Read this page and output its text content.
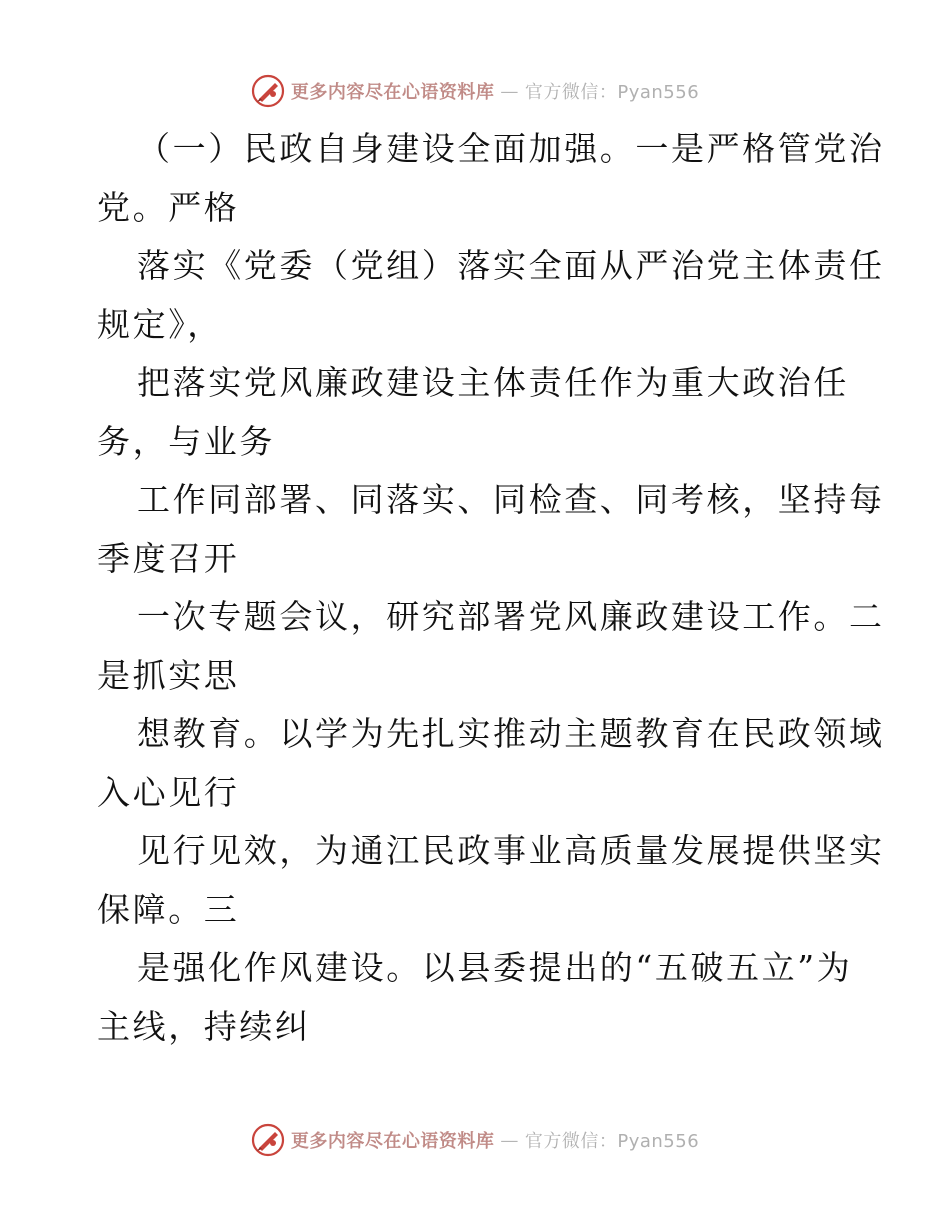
更多内容尽在心语资料库 — 官方微信：Pyan556
（一）民政自身建设全面加强。一是严格管党治
党。严格
落实《党委（党组）落实全面从严治党主体责任
规定》，
把落实党风廉政建设主体责任作为重大政治任
务，与业务
工作同部署、同落实、同检查、同考核，坚持每
季度召开
一次专题会议，研究部署党风廉政建设工作。二
是抓实思
想教育。以学为先扎实推动主题教育在民政领域
入心见行
见行见效，为通江民政事业高质量发展提供坚实
保障。三
是强化作风建设。以县委提出的“五破五立”为
主线，持续纠
更多内容尽在心语资料库 — 官方微信：Pyan556
